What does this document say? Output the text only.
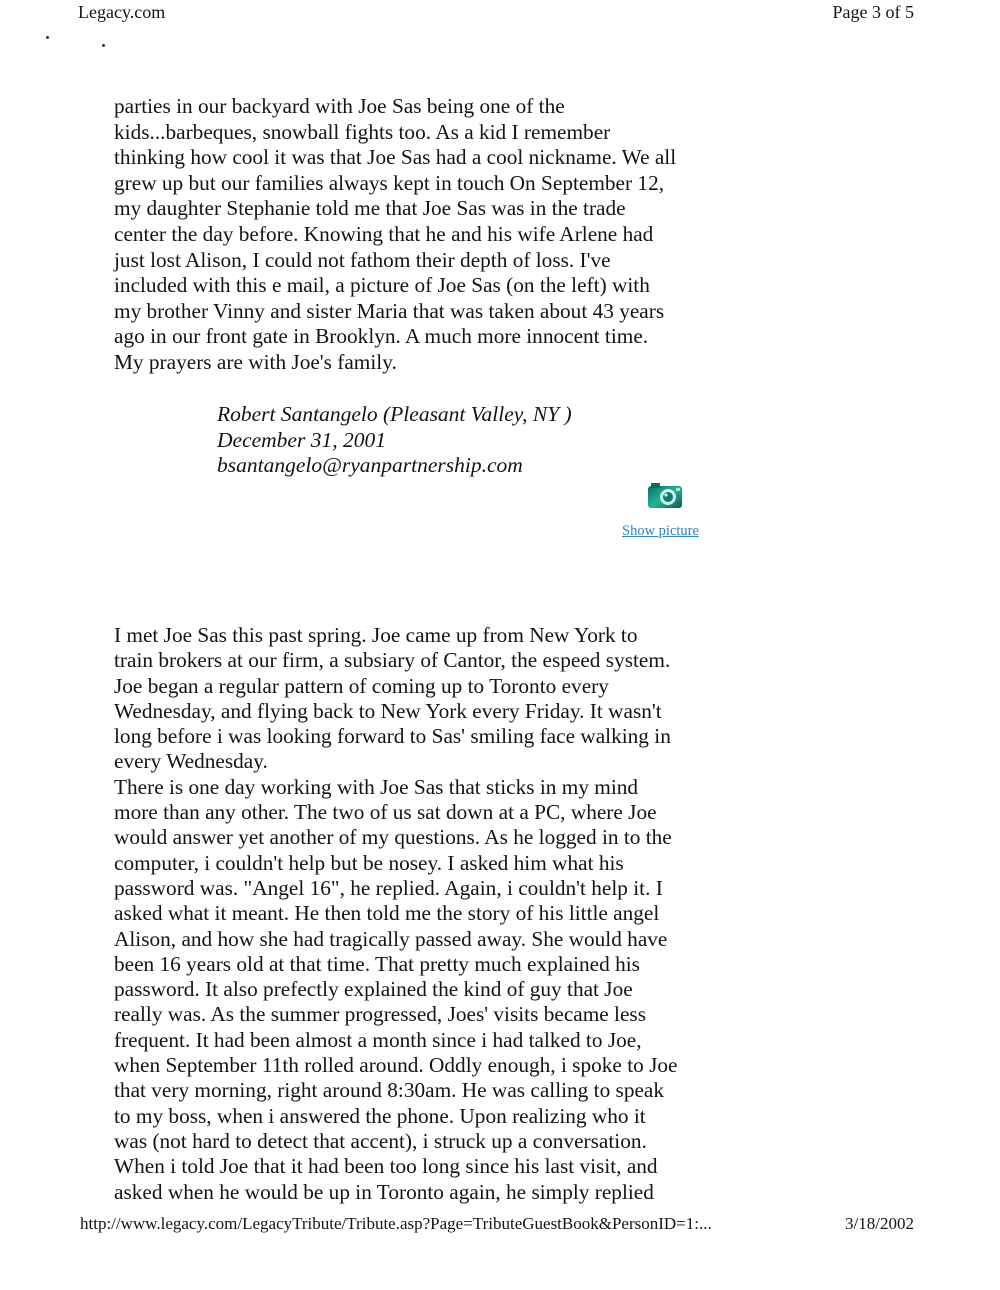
Legacy.com	Page 3 of 5

parties in our backyard with Joe Sas being one of the
kids...barbeques, snowball fights too. As a kid I remember
thinking how cool it was that Joe Sas had a cool nickname. We all
grew up but our families always kept in touch On September 12,
my daughter Stephanie told me that Joe Sas was in the trade
center the day before. Knowing that he and his wife Arlene had
just lost Alison, I could not fathom their depth of loss. I've
included with this e mail, a picture of Joe Sas (on the left) with
my brother Vinny and sister Maria that was taken about 43 years
ago in our front gate in Brooklyn. A much more innocent time.
My prayers are with Joe's family.

Robert Santangelo (Pleasant Valley, NY )
December 31, 2001
bsantangelo@ryanpartnership.com
Show picture

I met Joe Sas this past spring. Joe came up from New York to
train brokers at our firm, a subsiary of Cantor, the espeed system.
Joe began a regular pattern of coming up to Toronto every
Wednesday, and flying back to New York every Friday. It wasn't
long before i was looking forward to Sas' smiling face walking in
every Wednesday.
There is one day working with Joe Sas that sticks in my mind
more than any other. The two of us sat down at a PC, where Joe
would answer yet another of my questions. As he logged in to the
computer, i couldn't help but be nosey. I asked him what his
password was. "Angel 16", he replied. Again, i couldn't help it. I
asked what it meant. He then told me the story of his little angel
Alison, and how she had tragically passed away. She would have
been 16 years old at that time. That pretty much explained his
password. It also prefectly explained the kind of guy that Joe
really was. As the summer progressed, Joes' visits became less
frequent. It had been almost a month since i had talked to Joe,
when September 11th rolled around. Oddly enough, i spoke to Joe
that very morning, right around 8:30am. He was calling to speak
to my boss, when i answered the phone. Upon realizing who it
was (not hard to detect that accent), i struck up a conversation.
When i told Joe that it had been too long since his last visit, and
asked when he would be up in Toronto again, he simply replied

http://www.legacy.com/LegacyTribute/Tribute.asp?Page=TributeGuestBook&PersonID=1:...	3/18/2002
